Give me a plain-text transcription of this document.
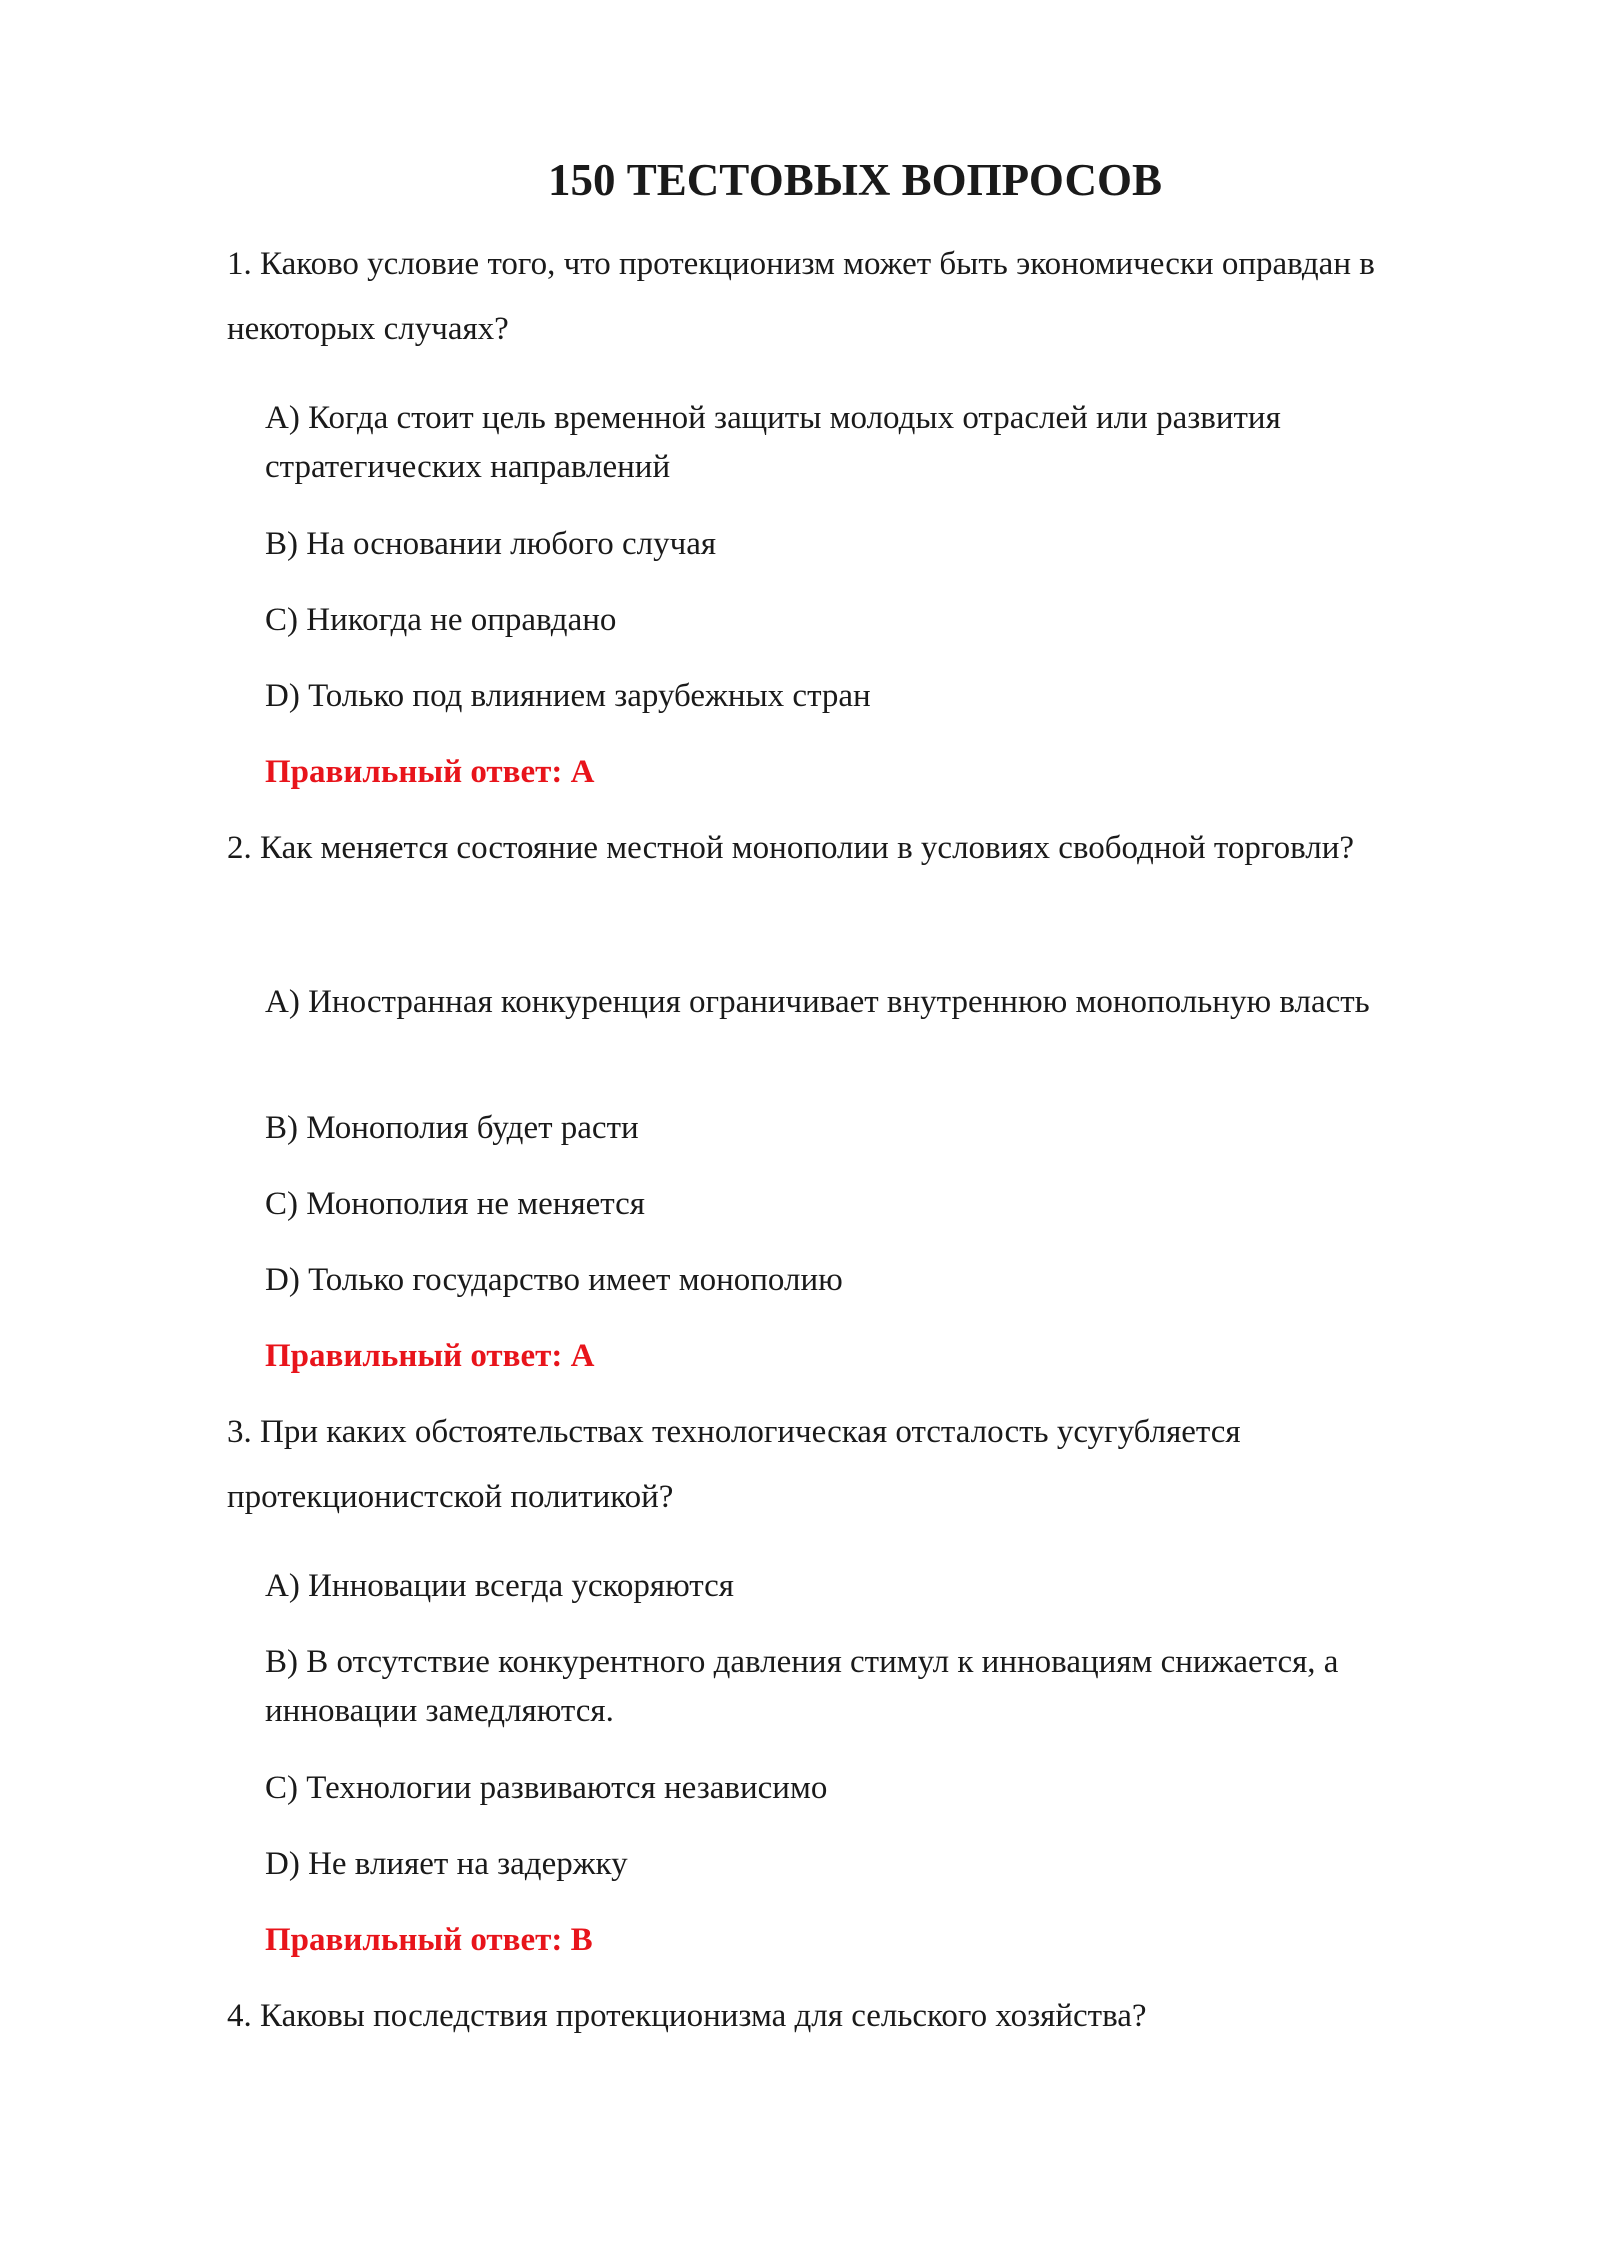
150 ТЕСТОВЫХ ВОПРОСОВ

1. Каково условие того, что протекционизм может быть экономически оправдан в некоторых случаях?

A) Когда стоит цель временной защиты молодых отраслей или развития стратегических направлений

B) На основании любого случая

C) Никогда не оправдано

D) Только под влиянием зарубежных стран

Правильный ответ: A

2. Как меняется состояние местной монополии в условиях свободной торговли?

A) Иностранная конкуренция ограничивает внутреннюю монопольную власть

B) Монополия будет расти

C) Монополия не меняется

D) Только государство имеет монополию

Правильный ответ: A

3. При каких обстоятельствах технологическая отсталость усугубляется протекционистской политикой?

A) Инновации всегда ускоряются

B) В отсутствие конкурентного давления стимул к инновациям снижается, а инновации замедляются.

C) Технологии развиваются независимо

D) Не влияет на задержку

Правильный ответ: B

4. Каковы последствия протекционизма для сельского хозяйства?
